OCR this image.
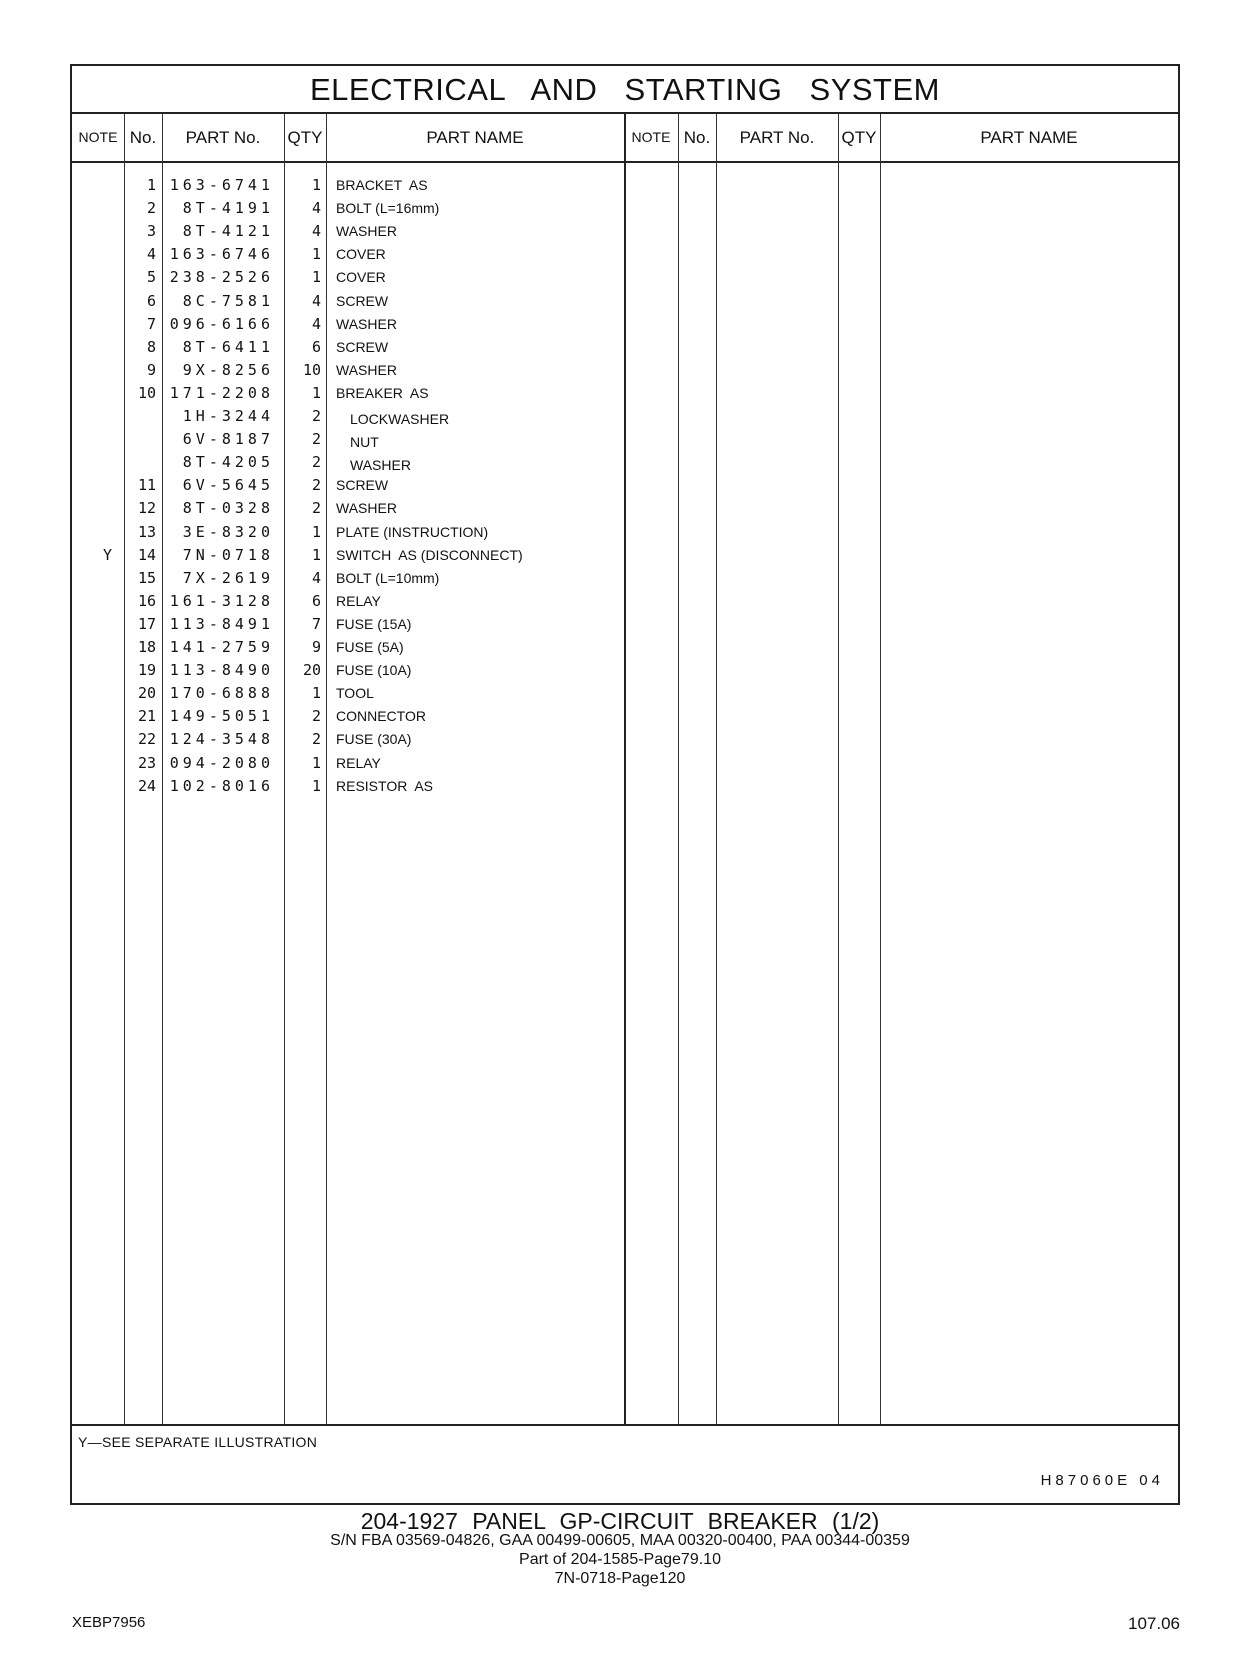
ELECTRICAL AND STARTING SYSTEM
NOTE No.	PART No.	QTY	PART NAME	NOTE No.	PART No.	QTY	PART NAME
1 163-6741	1 BRACKET  AS
2	8T-4191	4 BOLT (L=16mm)
3	8T-4121	4 WASHER
4 163-6746	1 COVER
5 238-2526	1 COVER
6	8C-7581	4 SCREW
7 096-6166	4 WASHER
8	8T-6411	6 SCREW
9	9X-8256	10 WASHER
10 171-2208	1 BREAKER  AS
1H-3244	2 LOCKWASHER
6V-8187	2 NUT
8T-4205	2 WASHER
11	6V-5645	2 SCREW
12	8T-0328	2 WASHER
13	3E-8320	1 PLATE (INSTRUCTION)
Y	14	7N-0718	1 SWITCH  AS (DISCONNECT)
15	7X-2619	4 BOLT (L=10mm)
16 161-3128	6 RELAY
17 113-8491	7 FUSE (15A)
18 141-2759	9 FUSE (5A)
19 113-8490	20 FUSE (10A)
20 170-6888	1 TOOL
21 149-5051	2 CONNECTOR
22 124-3548	2 FUSE (30A)
23 094-2080	1 RELAY
24 102-8016	1 RESISTOR  AS
Y—SEE SEPARATE ILLUSTRATION
H87060E 04
204-1927 PANEL GP-CIRCUIT BREAKER (1/2)
S/N FBA 03569-04826, GAA 00499-00605, MAA 00320-00400, PAA 00344-00359
Part of 204-1585-Page79.10
7N-0718-Page120
XEBP7956	107.06
